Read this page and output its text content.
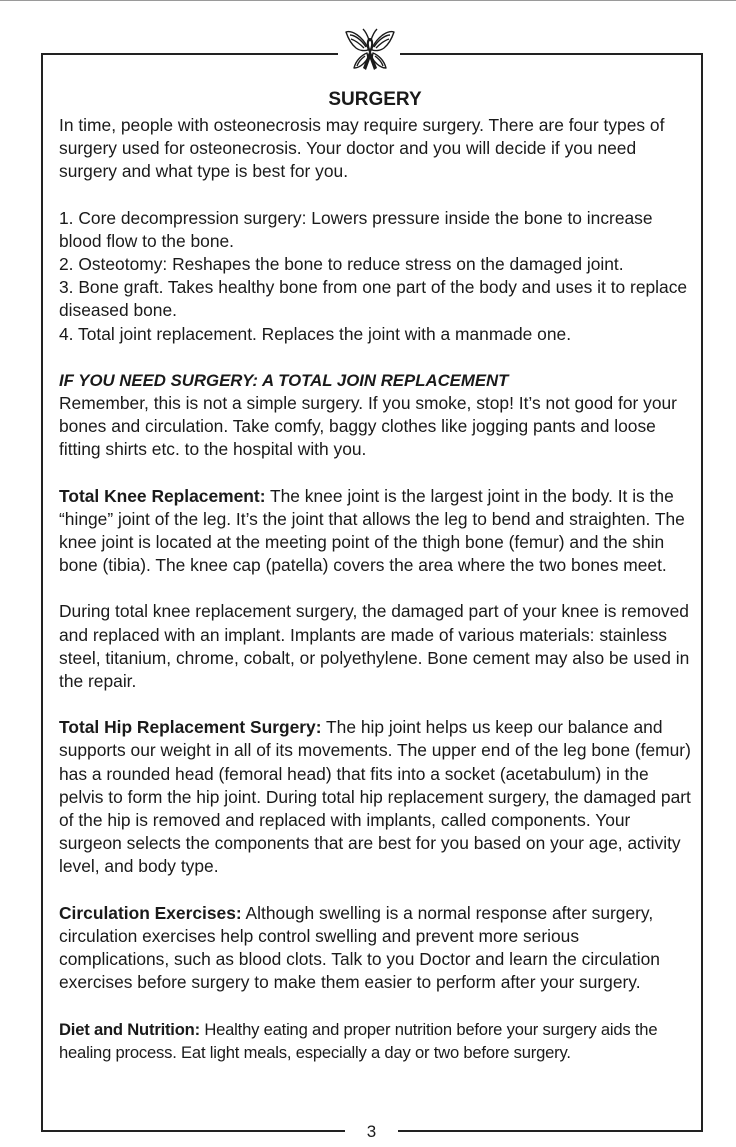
SURGERY

In time, people with osteonecrosis may require surgery. There are four types of surgery used for osteonecrosis. Your doctor and you will decide if you need surgery and what type is best for you.

1. Core decompression surgery: Lowers pressure inside the bone to increase blood flow to the bone.

2. Osteotomy: Reshapes the bone to reduce stress on the damaged joint.

3. Bone graft. Takes healthy bone from one part of the body and uses it to replace diseased bone.

4. Total joint replacement. Replaces the joint with a manmade one.

IF YOU NEED SURGERY: A TOTAL JOIN REPLACEMENT

Remember, this is not a simple surgery. If you smoke, stop! It’s not good for your bones and circulation. Take comfy, baggy clothes like jogging pants and loose fitting shirts etc. to the hospital with you.

Total Knee Replacement: The knee joint is the largest joint in the body. It is the “hinge” joint of the leg. It’s the joint that allows the leg to bend and straighten. The knee joint is located at the meeting point of the thigh bone (femur) and the shin bone (tibia). The knee cap (patella) covers the area where the two bones meet.

During total knee replacement surgery, the damaged part of your knee is removed and replaced with an implant. Implants are made of various materials: stainless steel, titanium, chrome, cobalt, or polyethylene. Bone cement may also be used in the repair.

Total Hip Replacement Surgery: The hip joint helps us keep our balance and supports our weight in all of its movements. The upper end of the leg bone (femur) has a rounded head (femoral head) that fits into a socket (acetabulum) in the pelvis to form the hip joint. During total hip replacement surgery, the damaged part of the hip is removed and replaced with implants, called components. Your surgeon selects the components that are best for you based on your age, activity level, and body type.

Circulation Exercises: Although swelling is a normal response after surgery, circulation exercises help control swelling and prevent more serious complications, such as blood clots. Talk to you Doctor and learn the circulation exercises before surgery to make them easier to perform after your surgery.

Diet and Nutrition: Healthy eating and proper nutrition before your surgery aids the healing process. Eat light meals, especially a day or two before surgery.

3
